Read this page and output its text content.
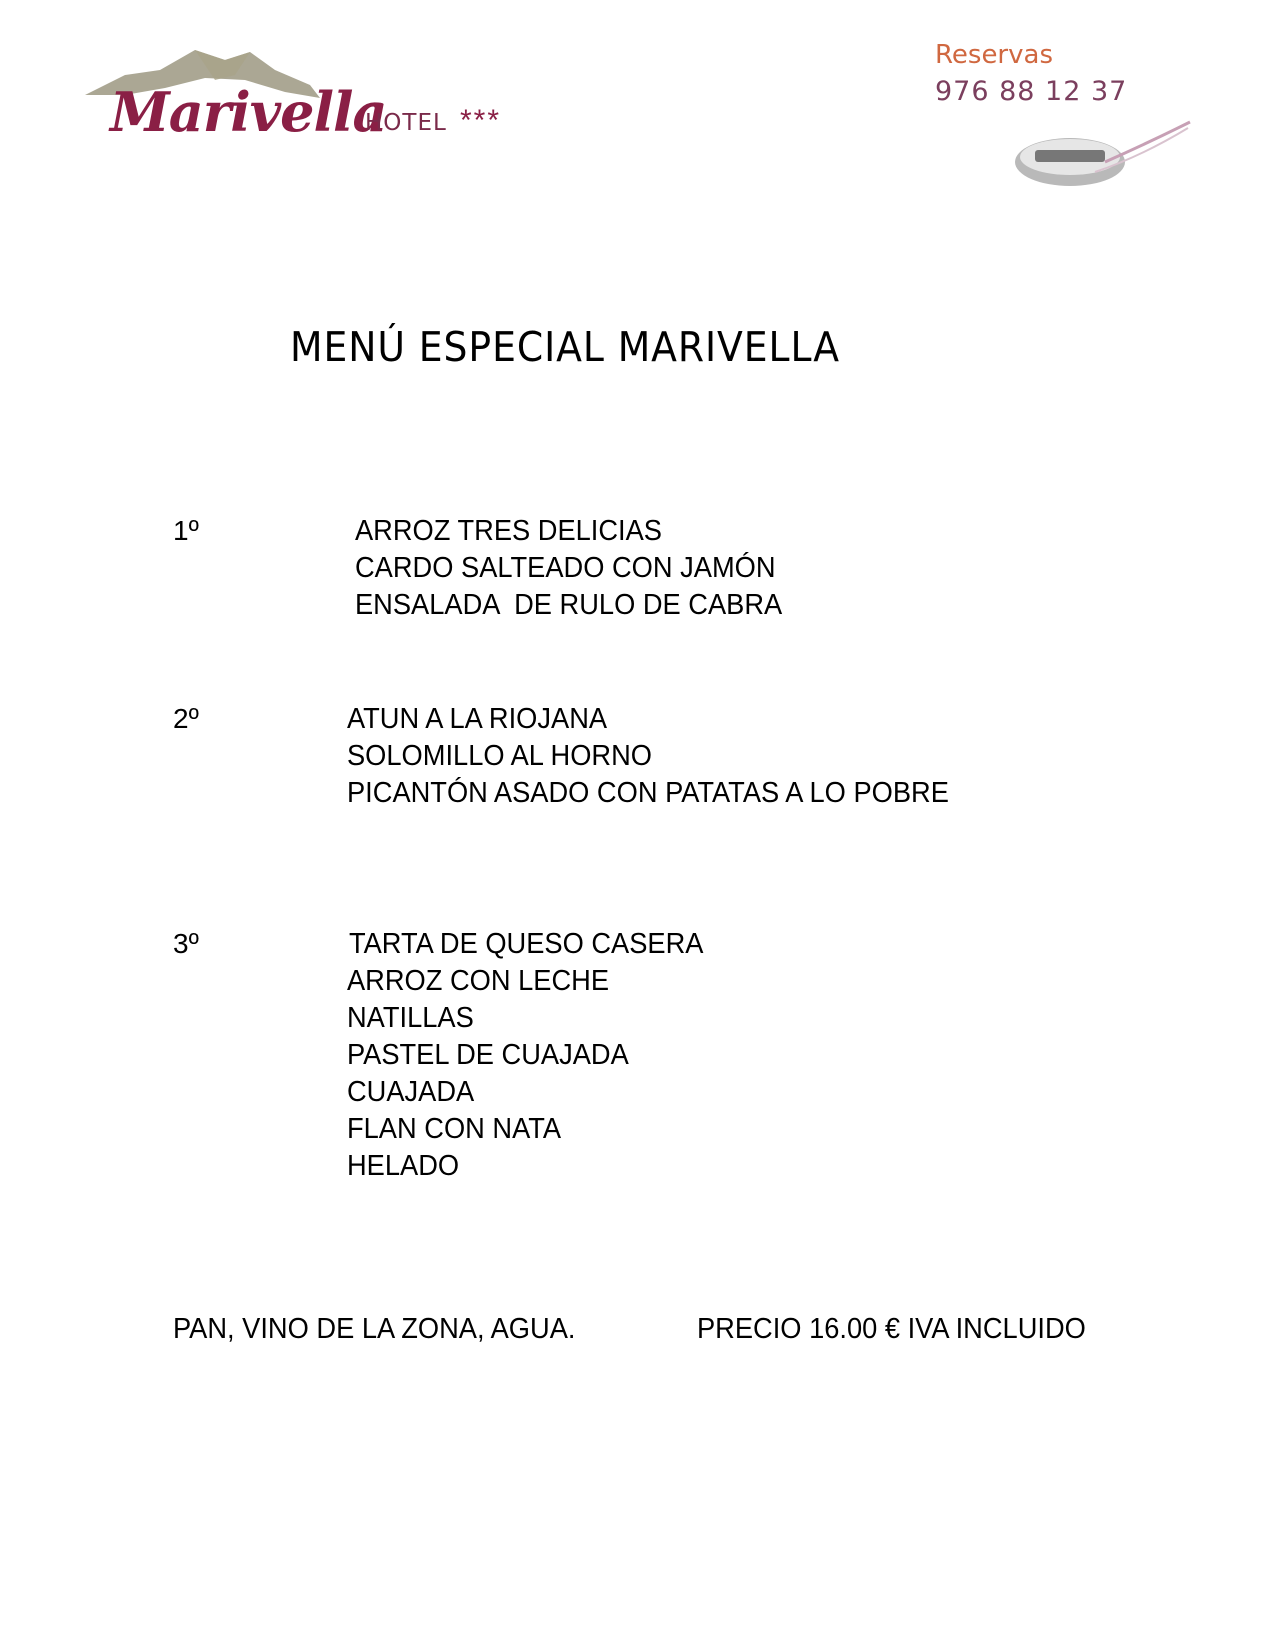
Marivella
HOTEL ***
Reservas
976 88 12 37
MENÚ ESPECIAL MARIVELLA
1º	ARROZ TRES DELICIAS
CARDO SALTEADO CON JAMÓN
ENSALADA  DE RULO DE CABRA
2º	ATUN A LA RIOJANA
SOLOMILLO AL HORNO
PICANTÓN ASADO CON PATATAS A LO POBRE
3º	TARTA DE QUESO CASERA
ARROZ CON LECHE
NATILLAS
PASTEL DE CUAJADA
CUAJADA
FLAN CON NATA
HELADO
PAN, VINO DE LA ZONA, AGUA.	PRECIO 16.00 € IVA INCLUIDO
